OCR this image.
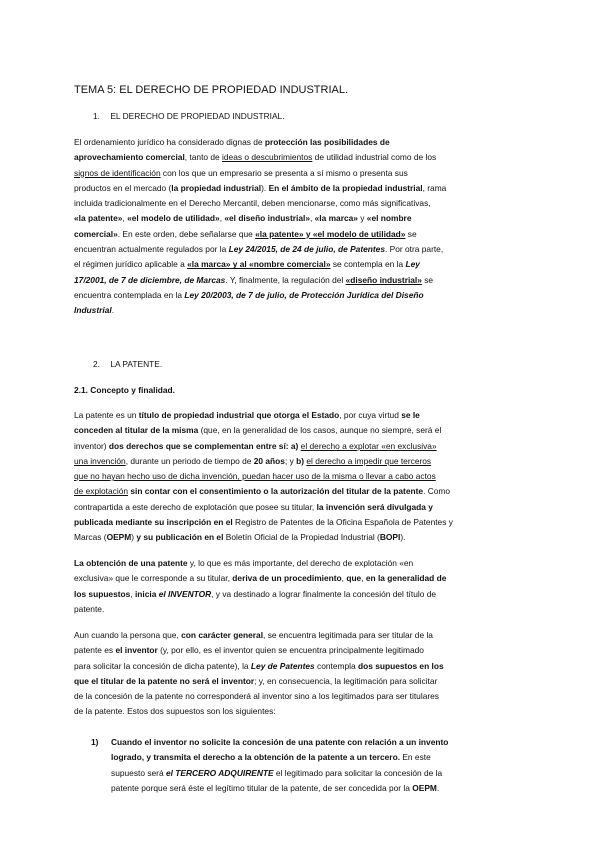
TEMA 5: EL DERECHO DE PROPIEDAD INDUSTRIAL.
1. EL DERECHO DE PROPIEDAD INDUSTRIAL.

El ordenamiento jurídico ha considerado dignas de protección las posibilidades de

aprovechamiento comercial, tanto de ideas o descubrimientos de utilidad industrial como de los

signos de identificación con los que un empresario se presenta a sí mismo o presenta sus

productos en el mercado (la propiedad industrial). En el ámbito de la propiedad industrial, rama

incluida tradicionalmente en el Derecho Mercantil, deben mencionarse, como más significativas,

«la patente», «el modelo de utilidad», «el diseño industrial», «la marca» y «el nombre

comercial». En este orden, debe señalarse que «la patente» y «el modelo de utilidad» se

encuentran actualmente regulados por la Ley 24/2015, de 24 de julio, de Patentes. Por otra parte,

el régimen jurídico aplicable a «la marca» y al «nombre comercial» se contempla en la Ley

17/2001, de 7 de diciembre, de Marcas. Y, finalmente, la regulación del «diseño industrial» se

encuentra contemplada en la Ley 20/2003, de 7 de julio, de Protección Jurídica del Diseño

Industrial.

2. LA PATENTE.
2.1. Concepto y finalidad.

La patente es un título de propiedad industrial que otorga el Estado, por cuya virtud se le

conceden al titular de la misma (que, en la generalidad de los casos, aunque no siempre, será el

inventor) dos derechos que se complementan entre sí: a) el derecho a explotar «en exclusiva»

una invención, durante un periodo de tiempo de 20 años; y b) el derecho a impedir que terceros

que no hayan hecho uso de dicha invención, puedan hacer uso de la misma o llevar a cabo actos

de explotación sin contar con el consentimiento o la autorización del titular de la patente. Como

contrapartida a este derecho de explotación que posee su titular, la invención será divulgada y

publicada mediante su inscripción en el Registro de Patentes de la Oficina Española de Patentes y

Marcas (OEPM) y su publicación en el Boletín Oficial de la Propiedad Industrial (BOPI).

La obtención de una patente y, lo que es más importante, del derecho de explotación «en

exclusiva» que le corresponde a su titular, deriva de un procedimiento, que, en la generalidad de

los supuestos, inicia el INVENTOR, y va destinado a lograr finalmente la concesión del título de

patente.

Aun cuando la persona que, con carácter general, se encuentra legitimada para ser titular de la

patente es el inventor (y, por ello, es el inventor quien se encuentra principalmente legitimado

para solicitar la concesión de dicha patente), la Ley de Patentes contempla dos supuestos en los

que el titular de la patente no será el inventor; y, en consecuencia, la legitimación para solicitar

de la concesión de la patente no corresponderá al inventor sino a los legitimados para ser titulares

de la patente. Estos dos supuestos son los siguientes:

1) Cuando el inventor no solicite la concesión de una patente con relación a un invento

logrado, y transmita el derecho a la obtención de la patente a un tercero. En este

supuesto será el TERCERO ADQUIRENTE el legitimado para solicitar la concesión de la

patente porque será éste el legítimo titular de la patente, de ser concedida por la OEPM.
